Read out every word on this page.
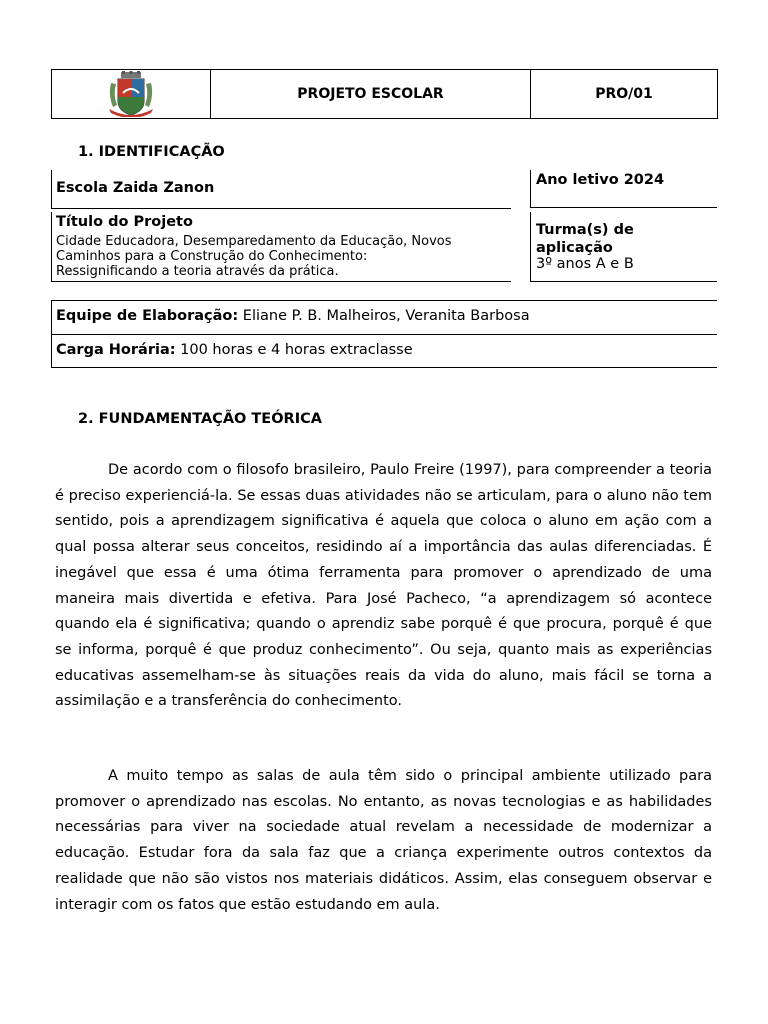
PROJETO ESCOLAR	PRO/01
1. IDENTIFICAÇÃO
Escola Zaida Zanon	Ano letivo 2024
Título do Projeto
Cidade Educadora, Desemparedamento da Educação, Novos
Caminhos para a Construção do Conhecimento:
Ressignificando a teoria através da prática.
Turma(s) de
aplicação
3º anos A e B
Equipe de Elaboração: Eliane P. B. Malheiros, Veranita Barbosa
Carga Horária: 100 horas e 4 horas extraclasse
2. FUNDAMENTAÇÃO TEÓRICA

De acordo com o filosofo brasileiro, Paulo Freire (1997), para compreender a teoria é preciso experienciá-la. Se essas duas atividades não se articulam, para o aluno não tem sentido, pois a aprendizagem significativa é aquela que coloca o aluno em ação com a qual possa alterar seus conceitos, residindo aí a importância das aulas diferenciadas. É inegável que essa é uma ótima ferramenta para promover o aprendizado de uma maneira mais divertida e efetiva. Para José Pacheco, “a aprendizagem só acontece quando ela é significativa; quando o aprendiz sabe porquê é que procura, porquê é que se informa, porquê é que produz conhecimento”. Ou seja, quanto mais as experiências educativas assemelham-se às situações reais da vida do aluno, mais fácil se torna a assimilação e a transferência do conhecimento.

A muito tempo as salas de aula têm sido o principal ambiente utilizado para promover o aprendizado nas escolas. No entanto, as novas tecnologias e as habilidades necessárias para viver na sociedade atual revelam a necessidade de modernizar a educação. Estudar fora da sala faz que a criança experimente outros contextos da realidade que não são vistos nos materiais didáticos. Assim, elas conseguem observar e interagir com os fatos que estão estudando em aula.
